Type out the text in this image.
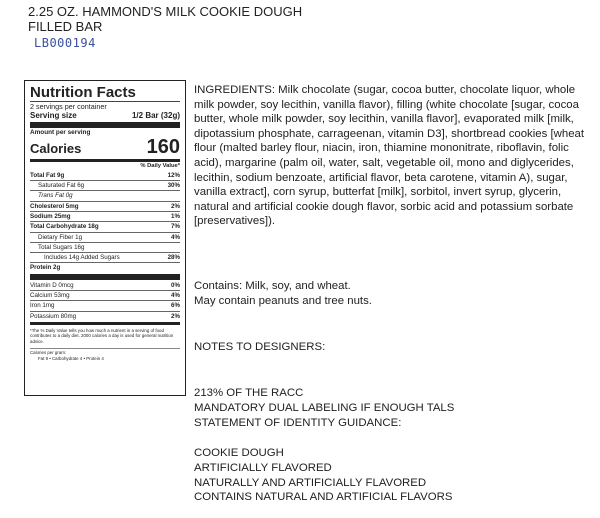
2.25 OZ. HAMMOND'S MILK COOKIE DOUGH
FILLED BAR
LB000194
Nutrition Facts
2 servings per container
Serving size	1/2 Bar (32g)
Amount per serving
Calories	160
% Daily Value*
Total Fat 9g	12%
Saturated Fat 6g	30%
Trans Fat 0g
Cholesterol 5mg	2%
Sodium 25mg	1%
Total Carbohydrate 18g	7%
Dietary Fiber 1g	4%
Total Sugars 16g
Includes 14g Added Sugars	28%
Protein 2g
Vitamin D 0mcg	0%
Calcium 53mg	4%
Iron 1mg	6%
Potassium 80mg	2%
*The % Daily Value tells you how much a nutrient in a serving of food contributes to a daily diet. 2000 calories a day is used for general nutrition advice.
Calories per gram:
Fat 9 • Carbohydrate 4 • Protein 4
INGREDIENTS: Milk chocolate (sugar, cocoa butter, chocolate liquor, whole milk powder, soy lecithin, vanilla flavor), filling (white chocolate [sugar, cocoa butter, whole milk powder, soy lecithin, vanilla flavor], evaporated milk [milk, dipotassium phosphate, carrageenan, vitamin D3], shortbread cookies [wheat flour (malted barley flour, niacin, iron, thiamine mononitrate, riboflavin, folic acid), margarine (palm oil, water, salt, vegetable oil, mono and diglycerides, lecithin, sodium benzoate, artificial flavor, beta carotene, vitamin A), sugar, vanilla extract], corn syrup, butterfat [milk], sorbitol, invert syrup, glycerin, natural and artificial cookie dough flavor, sorbic acid and potassium sorbate [preservatives]).
Contains: Milk, soy, and wheat.
May contain peanuts and tree nuts.
NOTES TO DESIGNERS:
213% OF THE RACC
MANDATORY DUAL LABELING IF ENOUGH TALS
STATEMENT OF IDENTITY GUIDANCE:
COOKIE DOUGH
ARTIFICIALLY FLAVORED
NATURALLY AND ARTIFICIALLY FLAVORED
CONTAINS NATURAL AND ARTIFICIAL FLAVORS
